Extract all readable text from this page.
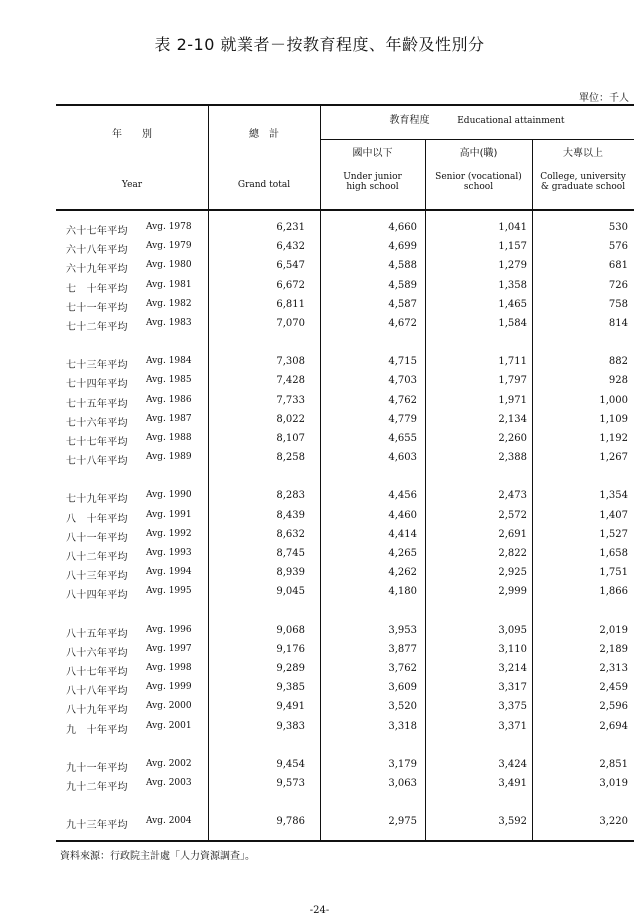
表 2-10 就業者－按教育程度、年齡及性別分
單位：千人
年　　別
Year
總　計
Grand total
教育程度	Educational attainment
國中以下
Under junior
high school
高中(職)
Senior (vocational)
school
大專以上
College, university
& graduate school
六十七年平均 Avg. 1978	6,231	4,660	1,041	530
六十八年平均 Avg. 1979	6,432	4,699	1,157	576
六十九年平均 Avg. 1980	6,547	4,588	1,279	681
七　十年平均 Avg. 1981	6,672	4,589	1,358	726
七十一年平均 Avg. 1982	6,811	4,587	1,465	758
七十二年平均 Avg. 1983	7,070	4,672	1,584	814
七十三年平均 Avg. 1984	7,308	4,715	1,711	882
七十四年平均 Avg. 1985	7,428	4,703	1,797	928
七十五年平均 Avg. 1986	7,733	4,762	1,971	1,000
七十六年平均 Avg. 1987	8,022	4,779	2,134	1,109
七十七年平均 Avg. 1988	8,107	4,655	2,260	1,192
七十八年平均 Avg. 1989	8,258	4,603	2,388	1,267
七十九年平均 Avg. 1990	8,283	4,456	2,473	1,354
八　十年平均 Avg. 1991	8,439	4,460	2,572	1,407
八十一年平均 Avg. 1992	8,632	4,414	2,691	1,527
八十二年平均 Avg. 1993	8,745	4,265	2,822	1,658
八十三年平均 Avg. 1994	8,939	4,262	2,925	1,751
八十四年平均 Avg. 1995	9,045	4,180	2,999	1,866
八十五年平均 Avg. 1996	9,068	3,953	3,095	2,019
八十六年平均 Avg. 1997	9,176	3,877	3,110	2,189
八十七年平均 Avg. 1998	9,289	3,762	3,214	2,313
八十八年平均 Avg. 1999	9,385	3,609	3,317	2,459
八十九年平均 Avg. 2000	9,491	3,520	3,375	2,596
九　十年平均 Avg. 2001	9,383	3,318	3,371	2,694
九十一年平均 Avg. 2002	9,454	3,179	3,424	2,851
九十二年平均 Avg. 2003	9,573	3,063	3,491	3,019
九十三年平均 Avg. 2004	9,786	2,975	3,592	3,220
資料來源：行政院主計處「人力資源調查」。
-24-
